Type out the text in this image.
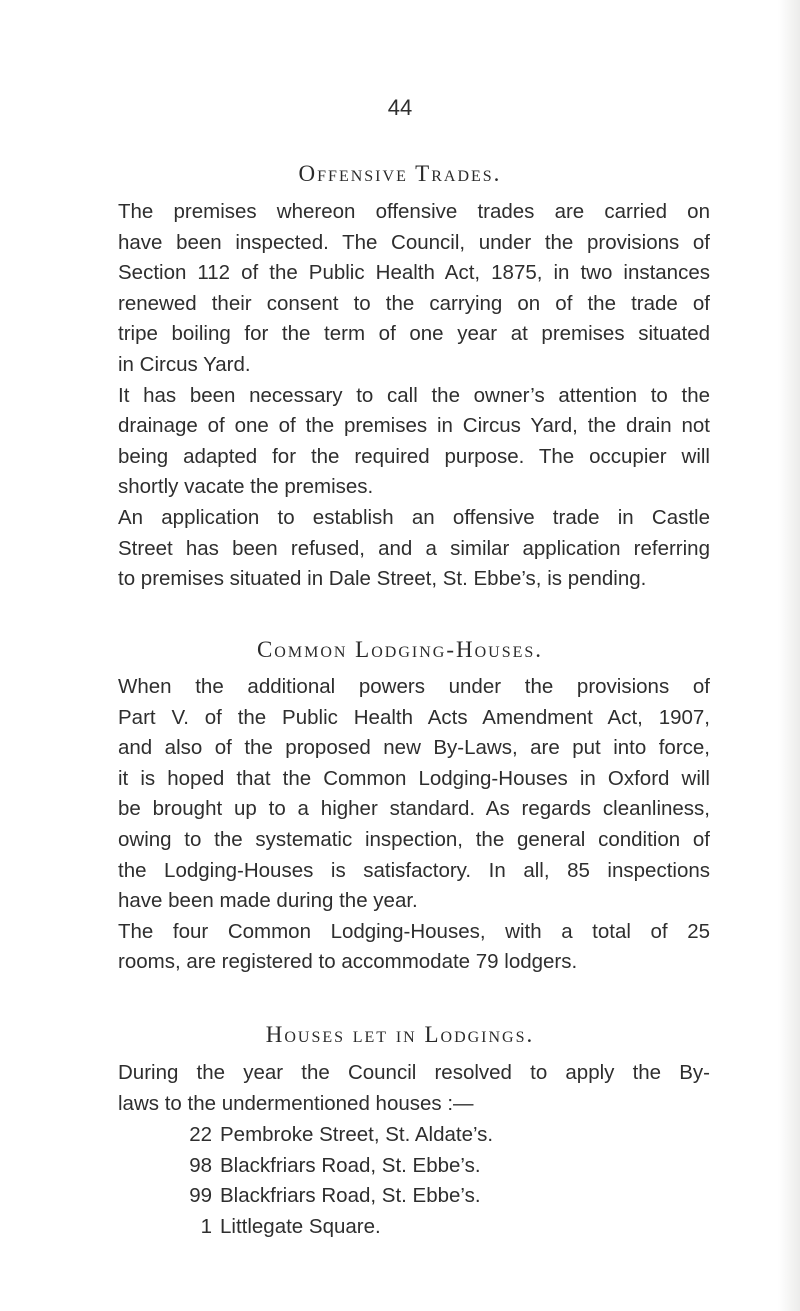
44
Offensive Trades.
The premises whereon offensive trades are carried on
have been inspected. The Council, under the provisions of
Section 112 of the Public Health Act, 1875, in two instances
renewed their consent to the carrying on of the trade of
tripe boiling for the term of one year at premises situated
in Circus Yard.
It has been necessary to call the owner’s attention to the
drainage of one of the premises in Circus Yard, the drain not
being adapted for the required purpose. The occupier will
shortly vacate the premises.
An application to establish an offensive trade in Castle
Street has been refused, and a similar application referring
to premises situated in Dale Street, St. Ebbe’s, is pending.
Common Lodging-Houses.
When the additional powers under the provisions of
Part V. of the Public Health Acts Amendment Act, 1907,
and also of the proposed new By-Laws, are put into force,
it is hoped that the Common Lodging-Houses in Oxford will
be brought up to a higher standard. As regards cleanliness,
owing to the systematic inspection, the general condition of
the Lodging-Houses is satisfactory. In all, 85 inspections
have been made during the year.
The four Common Lodging-Houses, with a total of 25
rooms, are registered to accommodate 79 lodgers.
Houses let in Lodgings.
During the year the Council resolved to apply the By-
laws to the undermentioned houses :—
22 Pembroke Street, St. Aldate’s.
98 Blackfriars Road, St. Ebbe’s.
99 Blackfriars Road, St. Ebbe’s.
1 Littlegate Square.
